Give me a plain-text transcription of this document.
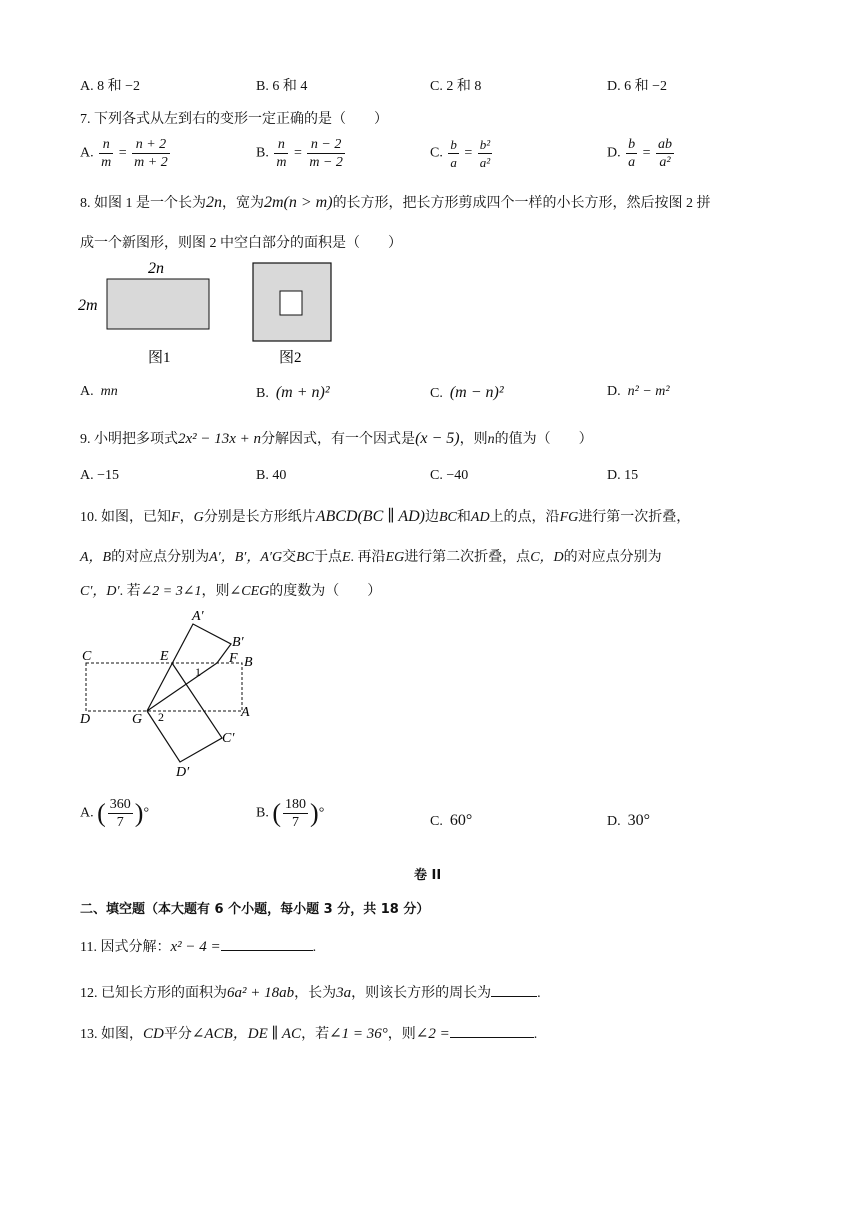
A. 8 和 −2	B. 6 和 4	C. 2 和 8	D. 6 和 −2
7. 下列各式从左到右的变形一定正确的是（　　）
A. $\frac{n}{m} = \frac{n + 2}{m + 2}$	B. $\frac{n}{m} = \frac{n - 2}{m - 2}$	C. $\frac{b}{a} = \frac{\text{b²}}{\text{a²}}$	D. $\frac{b}{a} = \frac{ab}{\text{a²}}$
8. 如图 1 是一个长为2n，宽为2m(n > m)的长方形，把长方形剪成四个一样的小长方形，然后按图 2 拼
成一个新图形，则图 2 中空白部分的面积是（　　）
2n
2m
图1	图2
A. mn	B. (m + n)²	C. (m − n)²	D. n² − m²
9. 小明把多项式2x² − 13x + n分解因式，有一个因式是(x − 5)，则n的值为（　　）
A. −15	B. 40	C. −40	D. 15
10. 如图，已知F，G分别是长方形纸片ABCD(BC ∥ AD)边BC和AD上的点，沿FG进行第一次折叠，
A，B的对应点分别为A′，B′，A′G交BC于点E. 再沿EG进行第二次折叠，点C，D的对应点分别为
C′，D′. 若∠2 = 3∠1，则∠CEG的度数为（　　）
A′
B′
C	E	F B
1
D	G 2	A
C′
D′
A. ( $\frac{360}{7}$ )°	B. ( $\frac{180}{7}$ )°
C. 60°	D. 30°
卷 II
二、填空题（本大题有 6 个小题，每小题 3 分，共 18 分）
11. 因式分解：x² − 4 =	.
12. 已知长方形的面积为6a² + 18ab，长为3a，则该长方形的周长为	.
13. 如图，CD平分∠ACB，DE ∥ AC，若∠1 = 36°，则∠2 =	.
